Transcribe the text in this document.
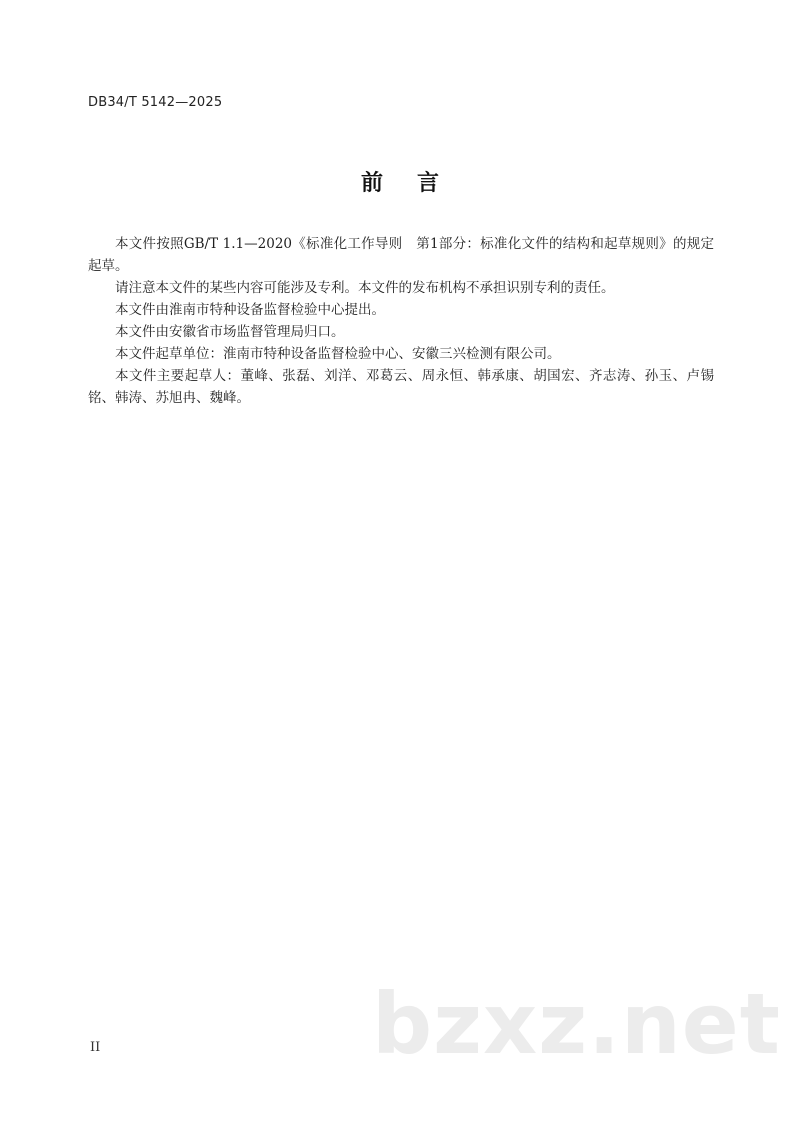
DB34/T 5142—2025
前 言

本文件按照GB/T 1.1—2020《标准化工作导则　第1部分：标准化文件的结构和起草规则》的规定起草。

请注意本文件的某些内容可能涉及专利。本文件的发布机构不承担识别专利的责任。

本文件由淮南市特种设备监督检验中心提出。

本文件由安徽省市场监督管理局归口。

本文件起草单位：淮南市特种设备监督检验中心、安徽三兴检测有限公司。

本文件主要起草人：董峰、张磊、刘洋、邓葛云、周永恒、韩承康、胡国宏、齐志涛、孙玉、卢锡铭、韩涛、苏旭冉、魏峰。

II	bzxz.net
